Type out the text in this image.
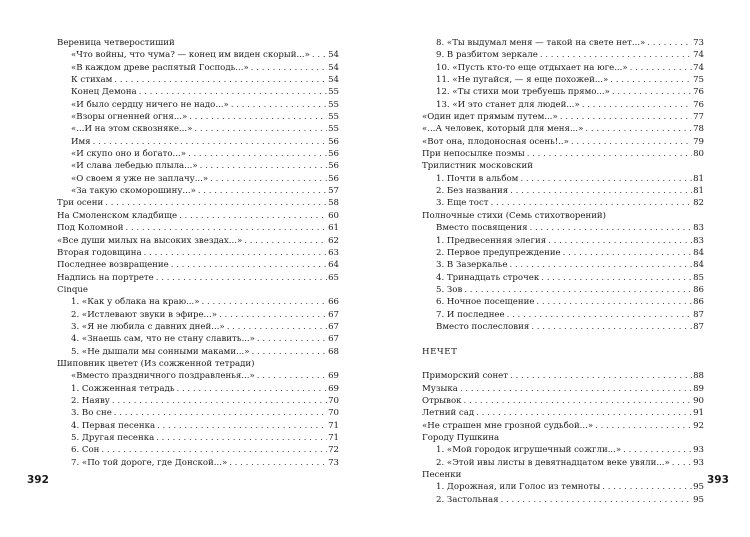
Вереница четверостиший
«Что войны, что чума? — конец им виден скорый...» . . . 54
«В каждом древе распятый Господь...» . . .	54
К стихам . . .	54
Конец Демона . . .	55
«И было сердцу ничего не надо...» . . .	55
«Взоры огненней огня...» . . .	55
«...И на этом сквозняке...» . . .	55
Имя . . .	56
«И скупо оно и богато...» . . .	56
«И слава лебедью плыла...» . . .	56
«О своем я уже не заплачу...» . . .	56
«За такую скоморошину...» . . .	57
Три осени . . .	58
На Смоленском кладбище . . .	60
Под Коломной . . .	61
«Все души милых на высоких звездах...» . . .	62
Вторая годовщина . . .	63
Последнее возвращение . . .	64
Надпись на портрете . . .	65
Cinque
1. «Как у облака на краю...» . . .	66
2. «Истлевают звуки в эфире...» . . .	67
3. «Я не любила с давних дней...» . . .	67
4. «Знаешь сам, что не стану славить...» . . .	67
5. «Не дышали мы сонными маками...» . . .	68
Шиповник цветет (Из сожженной тетради)
«Вместо праздничного поздравленья...» . . .	69
1. Сожженная тетрадь . . .	69
2. Наяву . . .	70
3. Во сне . . .	70
4. Первая песенка . . .	71
5. Другая песенка . . .	71
6. Сон . . .	72
7. «По той дороге, где Донской...» . . .	73
8. «Ты выдумал меня — такой на свете нет...» . . .	73
9. В разбитом зеркале . . .	74
10. «Пусть кто-то еще отдыхает на юге...» . . .	74
11. «Не пугайся, — я еще похожей...» . . .	75
12. «Ты стихи мои требуешь прямо...» . . .	76
13. «И это станет для людей...» . . .	76
«Один идет прямым путем...» . . .	77
«...А человек, который для меня...» . . .	78
«Вот она, плодоносная осень!..» . . .	79
При непосылке поэмы . . .	80
Трилистник московский
1. Почти в альбом . . .	81
2. Без названия . . .	81
3. Еще тост . . .	82
Полночные стихи (Семь стихотворений)
Вместо посвящения . . .	83
1. Предвесенняя элегия . . .	83
2. Первое предупреждение . . .	84
3. В Зазеркалье . . .	84
4. Тринадцать строчек . . .	85
5. Зов . . .	86
6. Ночное посещение . . .	86
7. И последнее . . .	87
Вместо послесловия . . .	87
НЕЧЕТ
Приморский сонет . . .	88
Музыка . . .	89
Отрывок . . .	90
Летний сад . . .	91
«Не страшен мне грозной судьбой...» . . .	92
Городу Пушкина
1. «Мой городок игрушечный сожгли...» . . .	93
2. «Этой ивы листы в девятнадцатом веке увяли...» . . .	93
Песенки
1. Дорожная, или Голос из темноты . . .	95
2. Застольная . . .	95
392	393
